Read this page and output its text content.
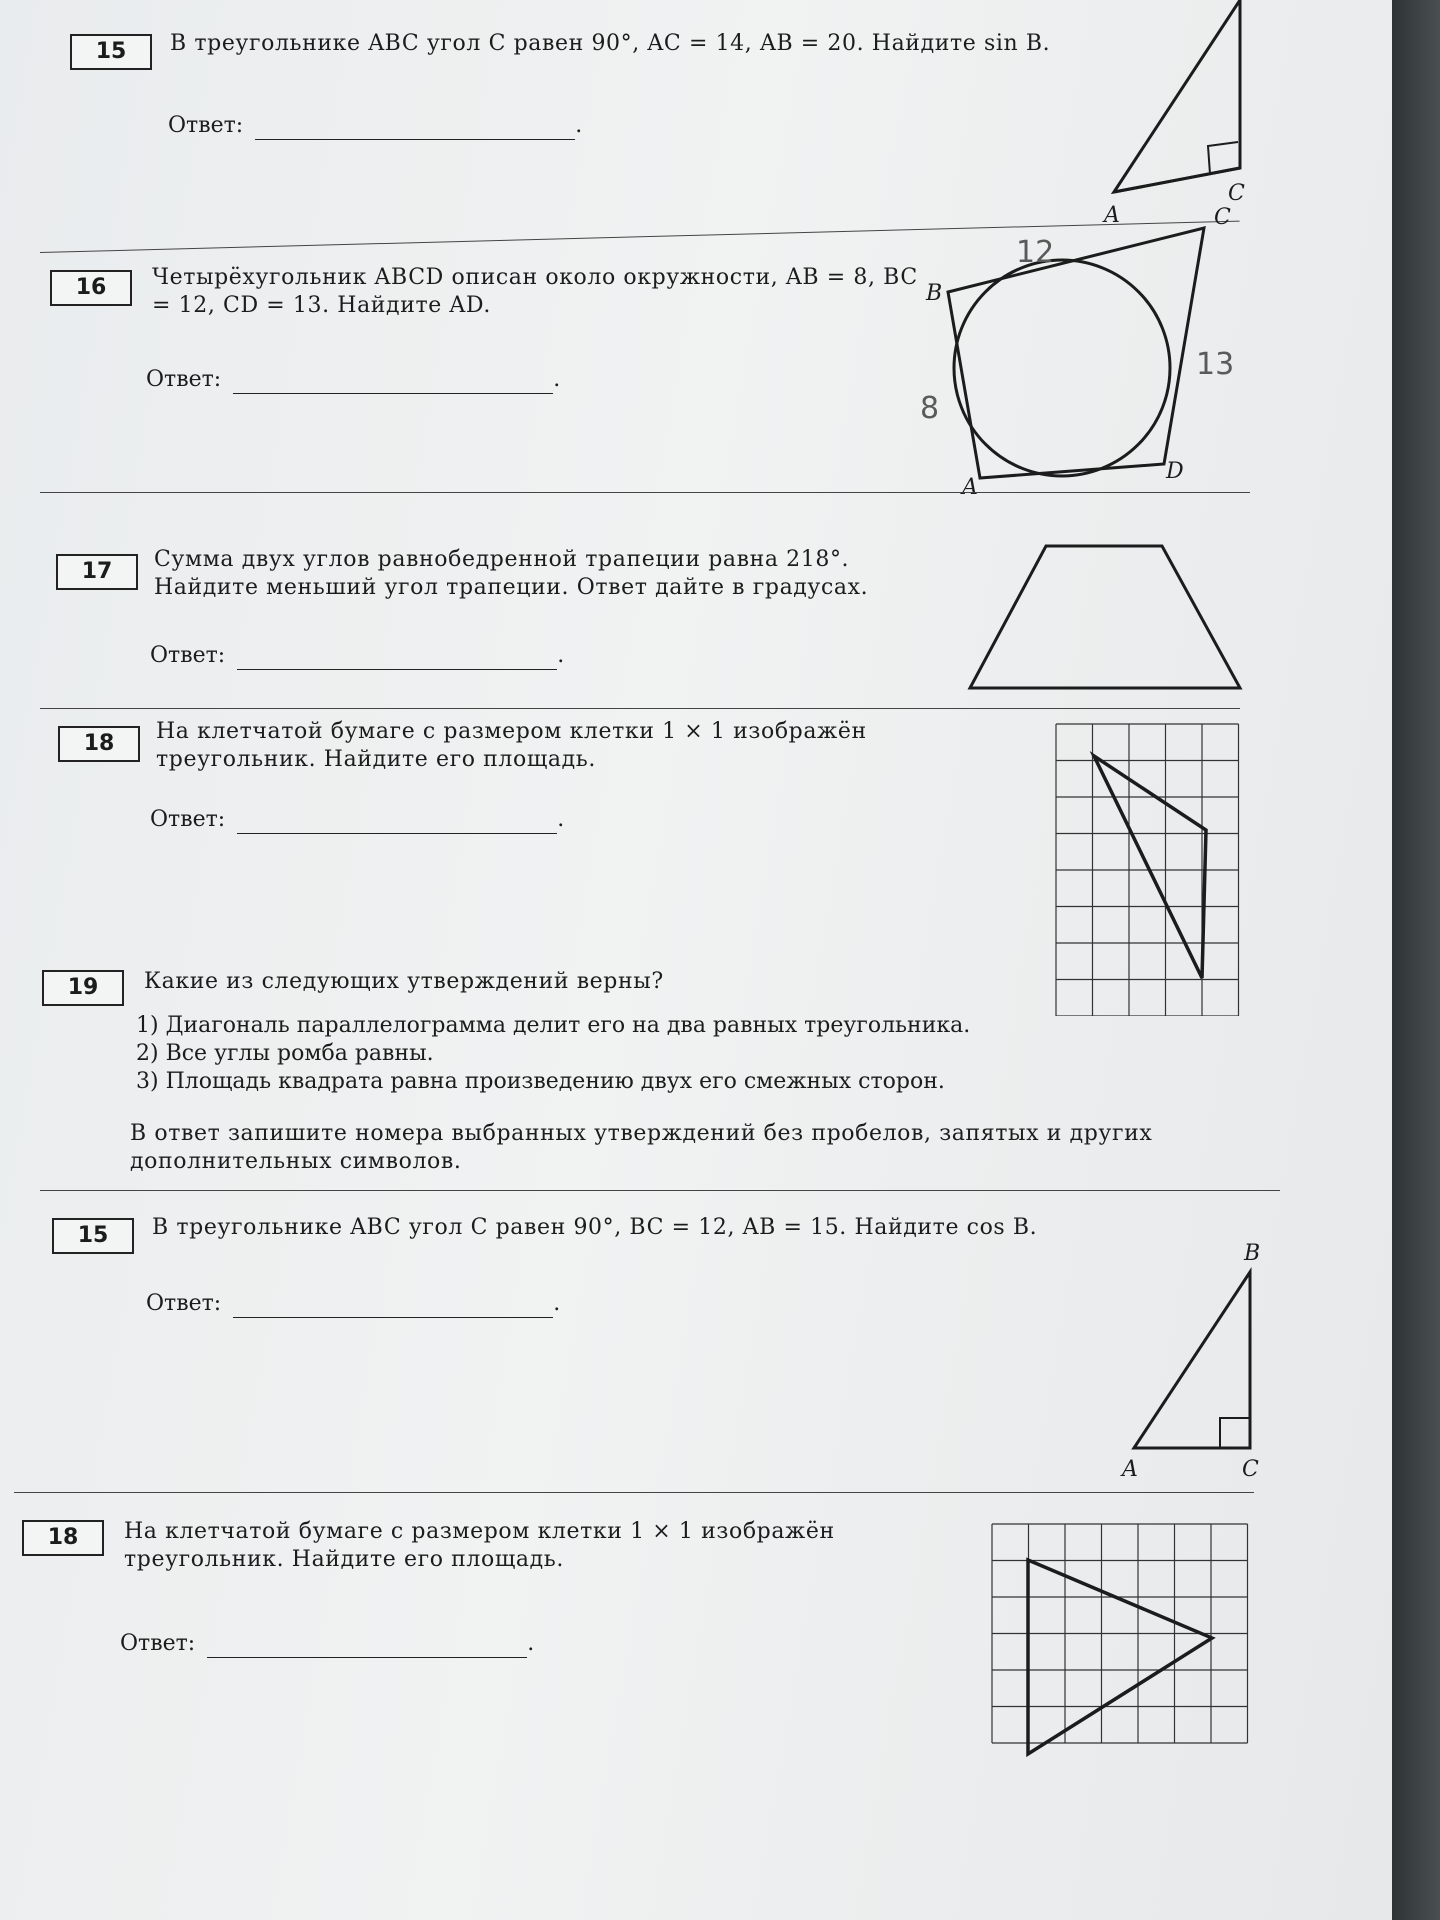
15	В треугольнике ABC угол C равен 90°, AC = 14, AB = 20. Найдите sin B.
Ответ:	.
A
C
16	Четырёхугольник ABCD описан около окружности, AB = 8, BC = 12, CD = 13. Найдите AD.
Ответ:	.
B
C
D
A
12
13
8
17	Сумма двух углов равнобедренной трапеции равна 218°. Найдите меньший угол трапеции. Ответ дайте в градусах.
Ответ:	.
18	На клетчатой бумаге с размером клетки 1 × 1 изображён треугольник. Найдите его площадь.
Ответ:	.
19	Какие из следующих утверждений верны?
1) Диагональ параллелограмма делит его на два равных треугольника.
2) Все углы ромба равны.
3) Площадь квадрата равна произведению двух его смежных сторон.
В ответ запишите номера выбранных утверждений без пробелов, запятых и других дополнительных символов.
15	В треугольнике ABC угол C равен 90°, BC = 12, AB = 15. Найдите cos B.
Ответ:	.
B
A	C
18	На клетчатой бумаге с размером клетки 1 × 1 изображён треугольник. Найдите его площадь.
Ответ:	.
